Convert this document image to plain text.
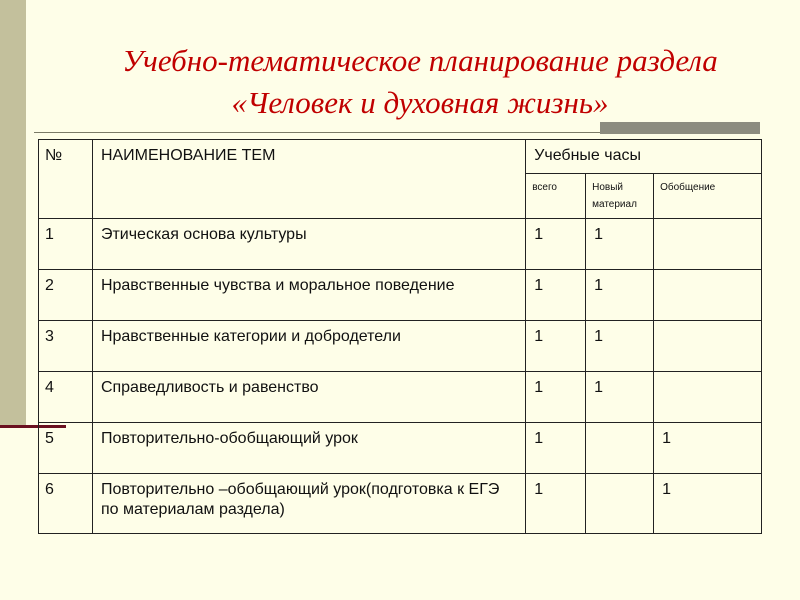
Учебно-тематическое планирование раздела
«Человек и духовная жизнь»
№	НАИМЕНОВАНИЕ ТЕМ	Учебные часы		
		всего	Новый материал	Обобщение
1	Этическая основа культуры	1	1	
2	Нравственные чувства и моральное поведение	1	1	
3	Нравственные категории и добродетели	1	1	
4	Справедливость и равенство	1	1	
5	Повторительно-обобщающий урок	1		1
6	Повторительно –обобщающий урок(подготовка к ЕГЭ по материалам раздела)	1		1
